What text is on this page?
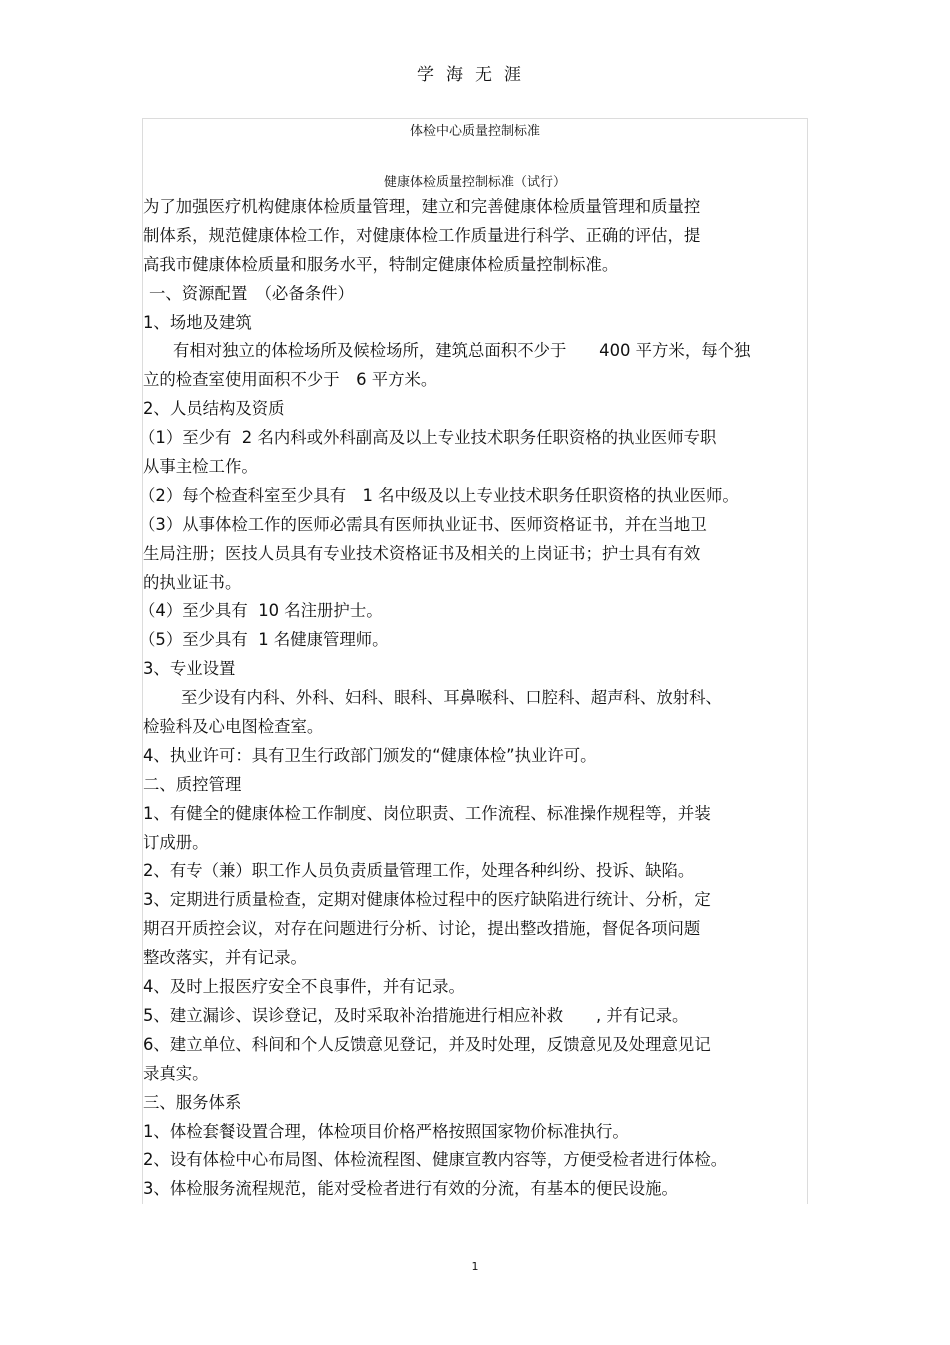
学海无涯
体检中心质量控制标准
健康体检质量控制标准（试行）
为了加强医疗机构健康体检质量管理，建立和完善健康体检质量管理和质量控
制体系，规范健康体检工作，对健康体检工作质量进行科学、正确的评估，提
高我市健康体检质量和服务水平，特制定健康体检质量控制标准。
一、资源配置　（必备条件）
1、场地及建筑
有相对独立的体检场所及候检场所，建筑总面积不少于　　400 平方米，每个独
立的检查室使用面积不少于　6 平方米。
2、人员结构及资质
（1）至少有  2 名内科或外科副高及以上专业技术职务任职资格的执业医师专职
从事主检工作。
（2）每个检查科室至少具有　1 名中级及以上专业技术职务任职资格的执业医师。
（3）从事体检工作的医师必需具有医师执业证书、医师资格证书，并在当地卫
生局注册；医技人员具有专业技术资格证书及相关的上岗证书；护士具有有效
的执业证书。
（4）至少具有  10 名注册护士。
（5）至少具有  1 名健康管理师。
3、专业设置
至少设有内科、外科、妇科、眼科、耳鼻喉科、口腔科、超声科、放射科、
检验科及心电图检查室。
4、执业许可：具有卫生行政部门颁发的“健康体检”执业许可。
二、质控管理
1、有健全的健康体检工作制度、岗位职责、工作流程、标准操作规程等，并装
订成册。
2、有专（兼）职工作人员负责质量管理工作，处理各种纠纷、投诉、缺陷。
3、定期进行质量检查，定期对健康体检过程中的医疗缺陷进行统计、分析，定
期召开质控会议，对存在问题进行分析、讨论，提出整改措施，督促各项问题
整改落实，并有记录。
4、及时上报医疗安全不良事件，并有记录。
5、建立漏诊、误诊登记，及时采取补治措施进行相应补救　　, 并有记录。
6、建立单位、科间和个人反馈意见登记，并及时处理，反馈意见及处理意见记
录真实。
三、服务体系
1、体检套餐设置合理，体检项目价格严格按照国家物价标准执行。
2、设有体检中心布局图、体检流程图、健康宣教内容等，方便受检者进行体检。
3、体检服务流程规范，能对受检者进行有效的分流，有基本的便民设施。
1
